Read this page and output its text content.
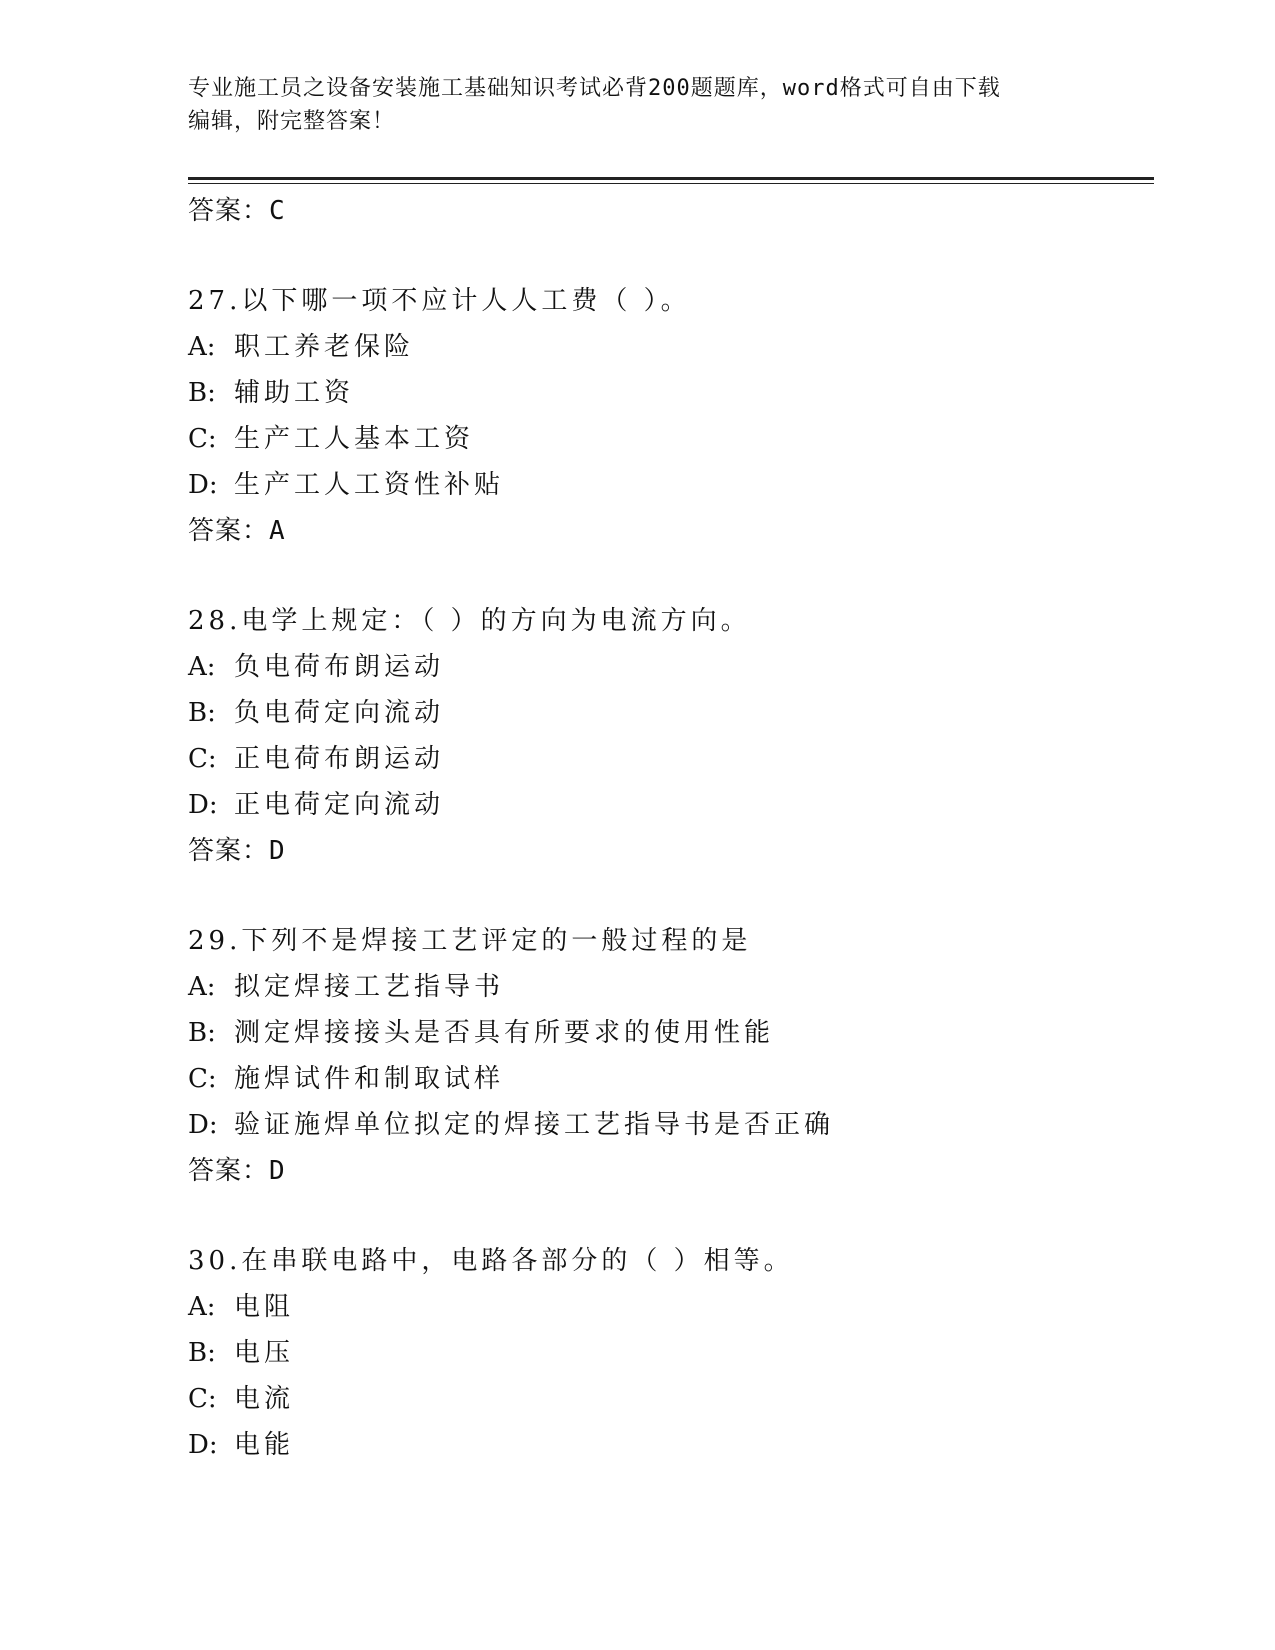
专业施工员之设备安装施工基础知识考试必背200题题库，word格式可自由下载
编辑，附完整答案！
答案：C
27.以下哪一项不应计人人工费（ ）。
A: 职工养老保险
B: 辅助工资
C: 生产工人基本工资
D: 生产工人工资性补贴
答案：A
28.电学上规定：（ ）的方向为电流方向。
A: 负电荷布朗运动
B: 负电荷定向流动
C: 正电荷布朗运动
D: 正电荷定向流动
答案：D
29.下列不是焊接工艺评定的一般过程的是
A: 拟定焊接工艺指导书
B: 测定焊接接头是否具有所要求的使用性能
C: 施焊试件和制取试样
D: 验证施焊单位拟定的焊接工艺指导书是否正确
答案：D
30.在串联电路中，电路各部分的（ ）相等。
A: 电阻
B: 电压
C: 电流
D: 电能
